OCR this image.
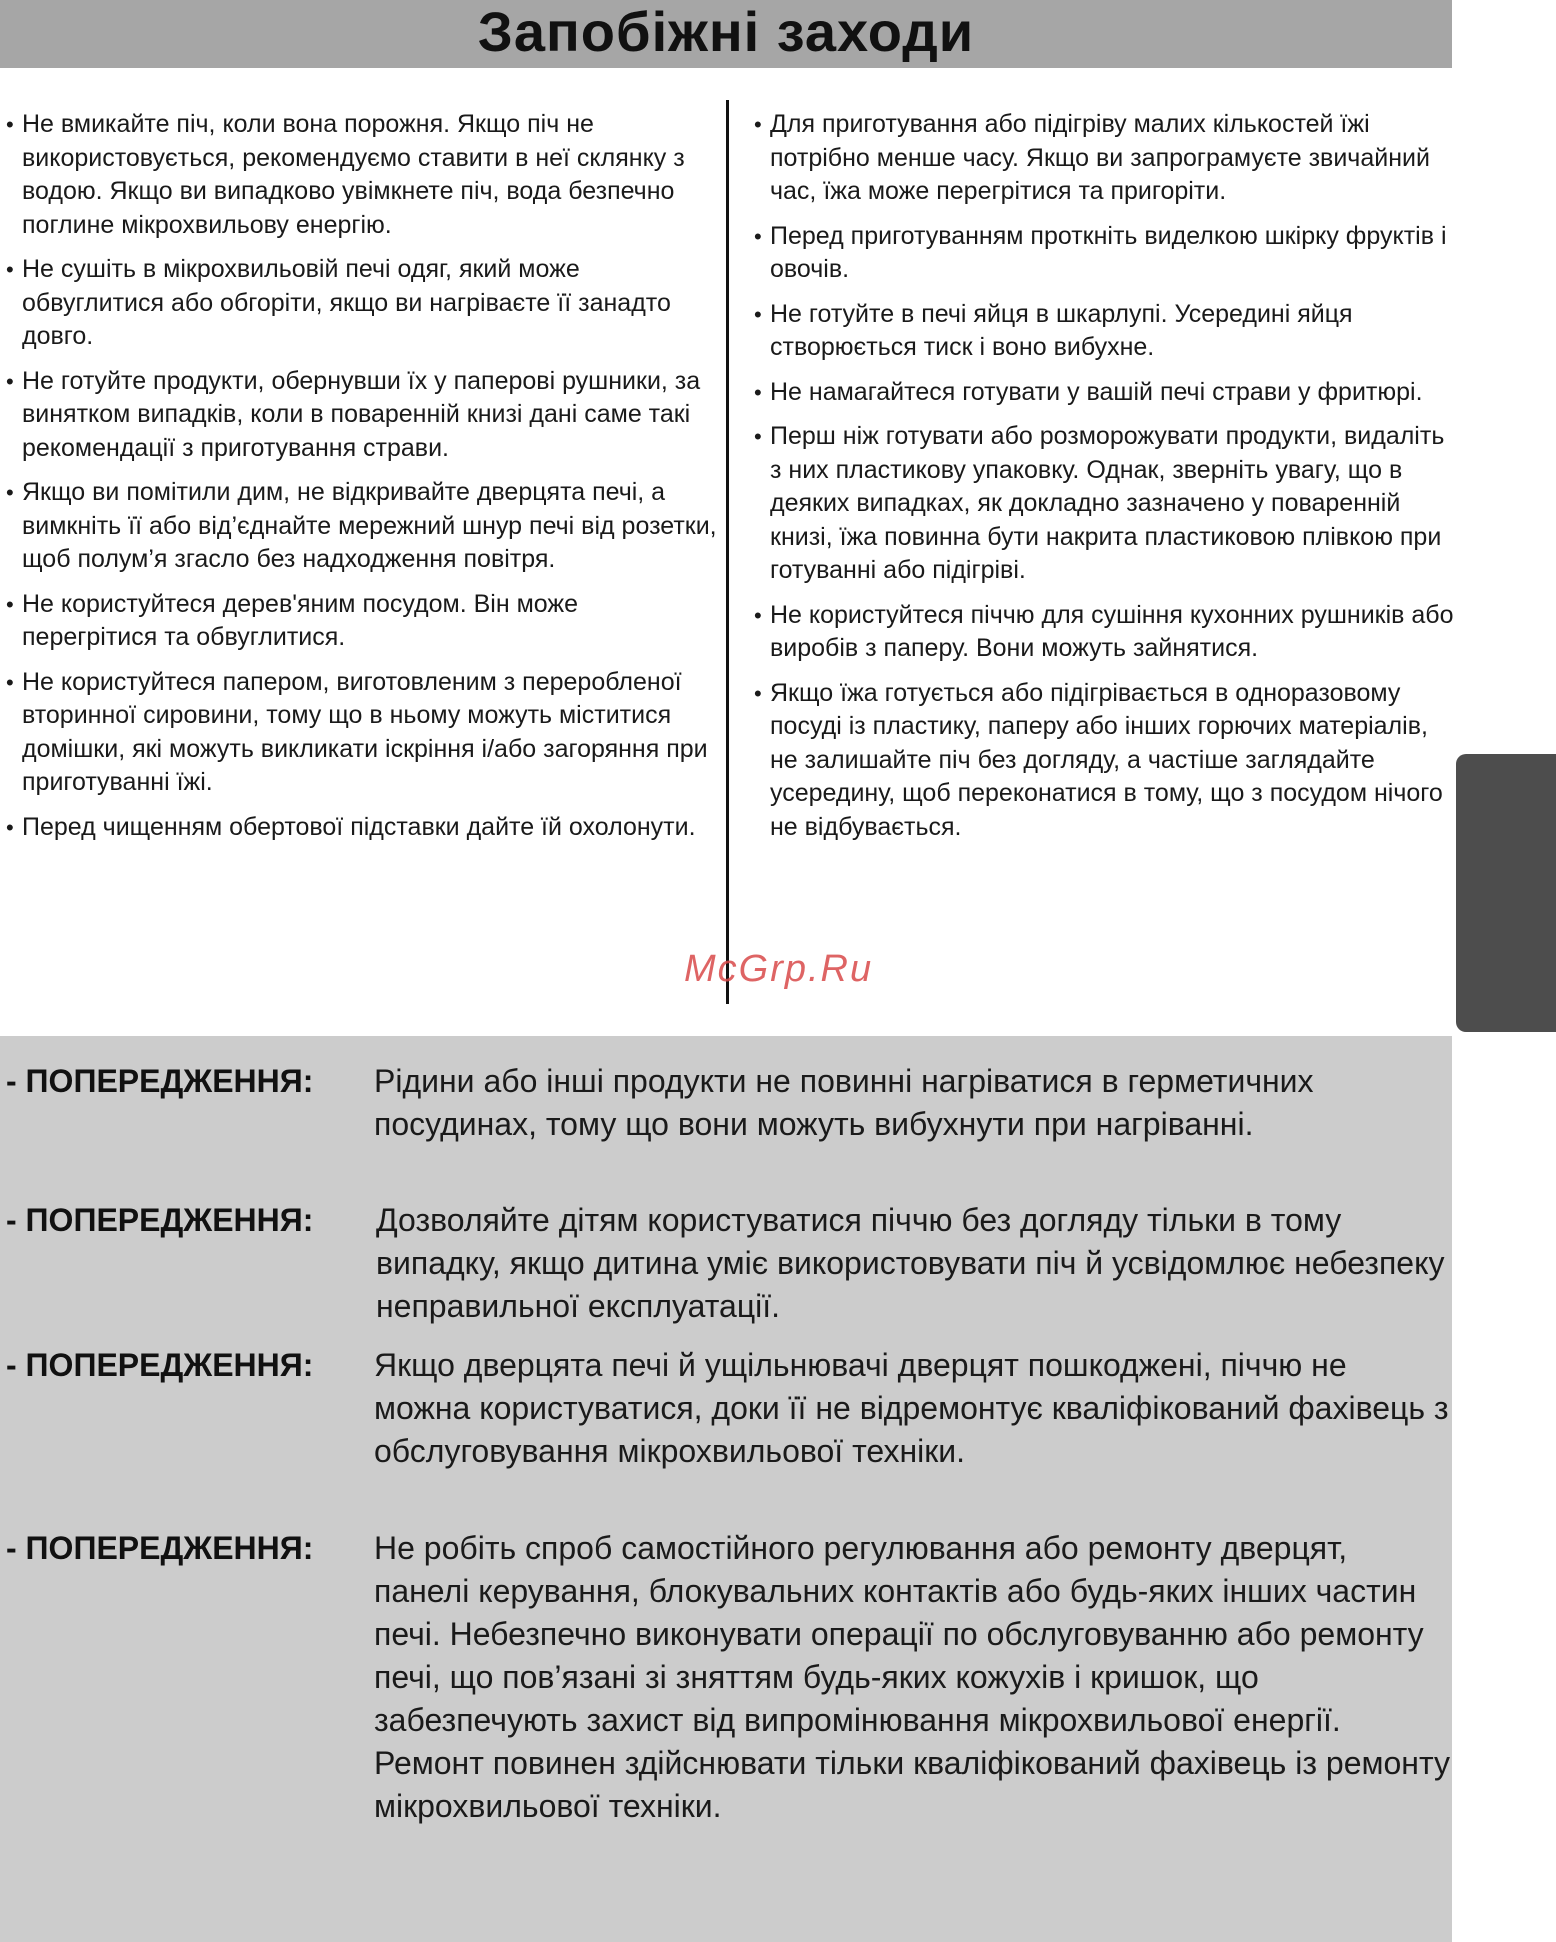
Запобіжні заходи
• Не вмикайте піч, коли вона порожня. Якщо піч не використовується, рекомендуємо ставити в неї склянку з водою. Якщо ви випадково увімкнете піч, вода безпечно поглине мікрохвильову енергію.
• Не сушіть в мікрохвильовій печі одяг, який може обвуглитися або обгоріти, якщо ви нагріваєте її занадто довго.
• Не готуйте продукти, обернувши їх у паперові рушники, за винятком випадків, коли в поваренній книзі дані саме такі рекомендації з приготування страви.
• Якщо ви помітили дим, не відкривайте дверцята печі, а вимкніть її або від’єднайте мережний шнур печі від розетки, щоб полум’я згасло без надходження повітря.
• Не користуйтеся дерев'яним посудом. Він може перегрітися та обвуглитися.
• Не користуйтеся папером, виготовленим з переробленої вторинної сировини, тому що в ньому можуть міститися домішки, які можуть викликати іскріння і/або загоряння при приготуванні їжі.
• Перед чищенням обертової підставки дайте їй охолонути.
• Для приготування або підігріву малих кількостей їжі потрібно менше часу. Якщо ви запрограмуєте звичайний час, їжа може перегрітися та пригоріти.
• Перед приготуванням проткніть виделкою шкірку фруктів і овочів.
• Не готуйте в печі яйця в шкарлупі. Усередині яйця створюється тиск і воно вибухне.
• Не намагайтеся готувати у вашій печі страви у фритюрі.
• Перш ніж готувати або розморожувати продукти, видаліть з них пластикову упаковку. Однак, зверніть увагу, що в деяких випадках, як докладно зазначено у поваренній книзі, їжа повинна бути накрита пластиковою плівкою при готуванні або підігріві.
• Не користуйтеся піччю для сушіння кухонних рушників або виробів з паперу. Вони можуть зайнятися.
• Якщо їжа готується або підігрівається в одноразовому посуді із пластику, паперу або інших горючих матеріалів, не залишайте піч без догляду, а частіше заглядайте усередину, щоб переконатися в тому, що з посудом нічого не відбувається.
McGrp.Ru
- ПОПЕРЕДЖЕННЯ: Рідини або інші продукти не повинні нагріватися в герметичних посудинах, тому що вони можуть вибухнути при нагріванні.
- ПОПЕРЕДЖЕННЯ: Дозволяйте дітям користуватися піччю без догляду тільки в тому випадку, якщо дитина уміє використовувати піч й усвідомлює небезпеку неправильної експлуатації.
- ПОПЕРЕДЖЕННЯ: Якщо дверцята печі й ущільнювачі дверцят пошкоджені, піччю не можна користуватися, доки її не відремонтує кваліфікований фахівець з обслуговування мікрохвильової техніки.
- ПОПЕРЕДЖЕННЯ: Не робіть спроб самостійного регулювання або ремонту дверцят, панелі керування, блокувальних контактів або будь-яких інших частин печі. Небезпечно виконувати операції по обслуговуванню або ремонту печі, що пов’язані зі зняттям будь-яких кожухів і кришок, що забезпечують захист від випромінювання мікрохвильової енергії. Ремонт повинен здійснювати тільки кваліфікований фахівець із ремонту мікрохвильової техніки.
